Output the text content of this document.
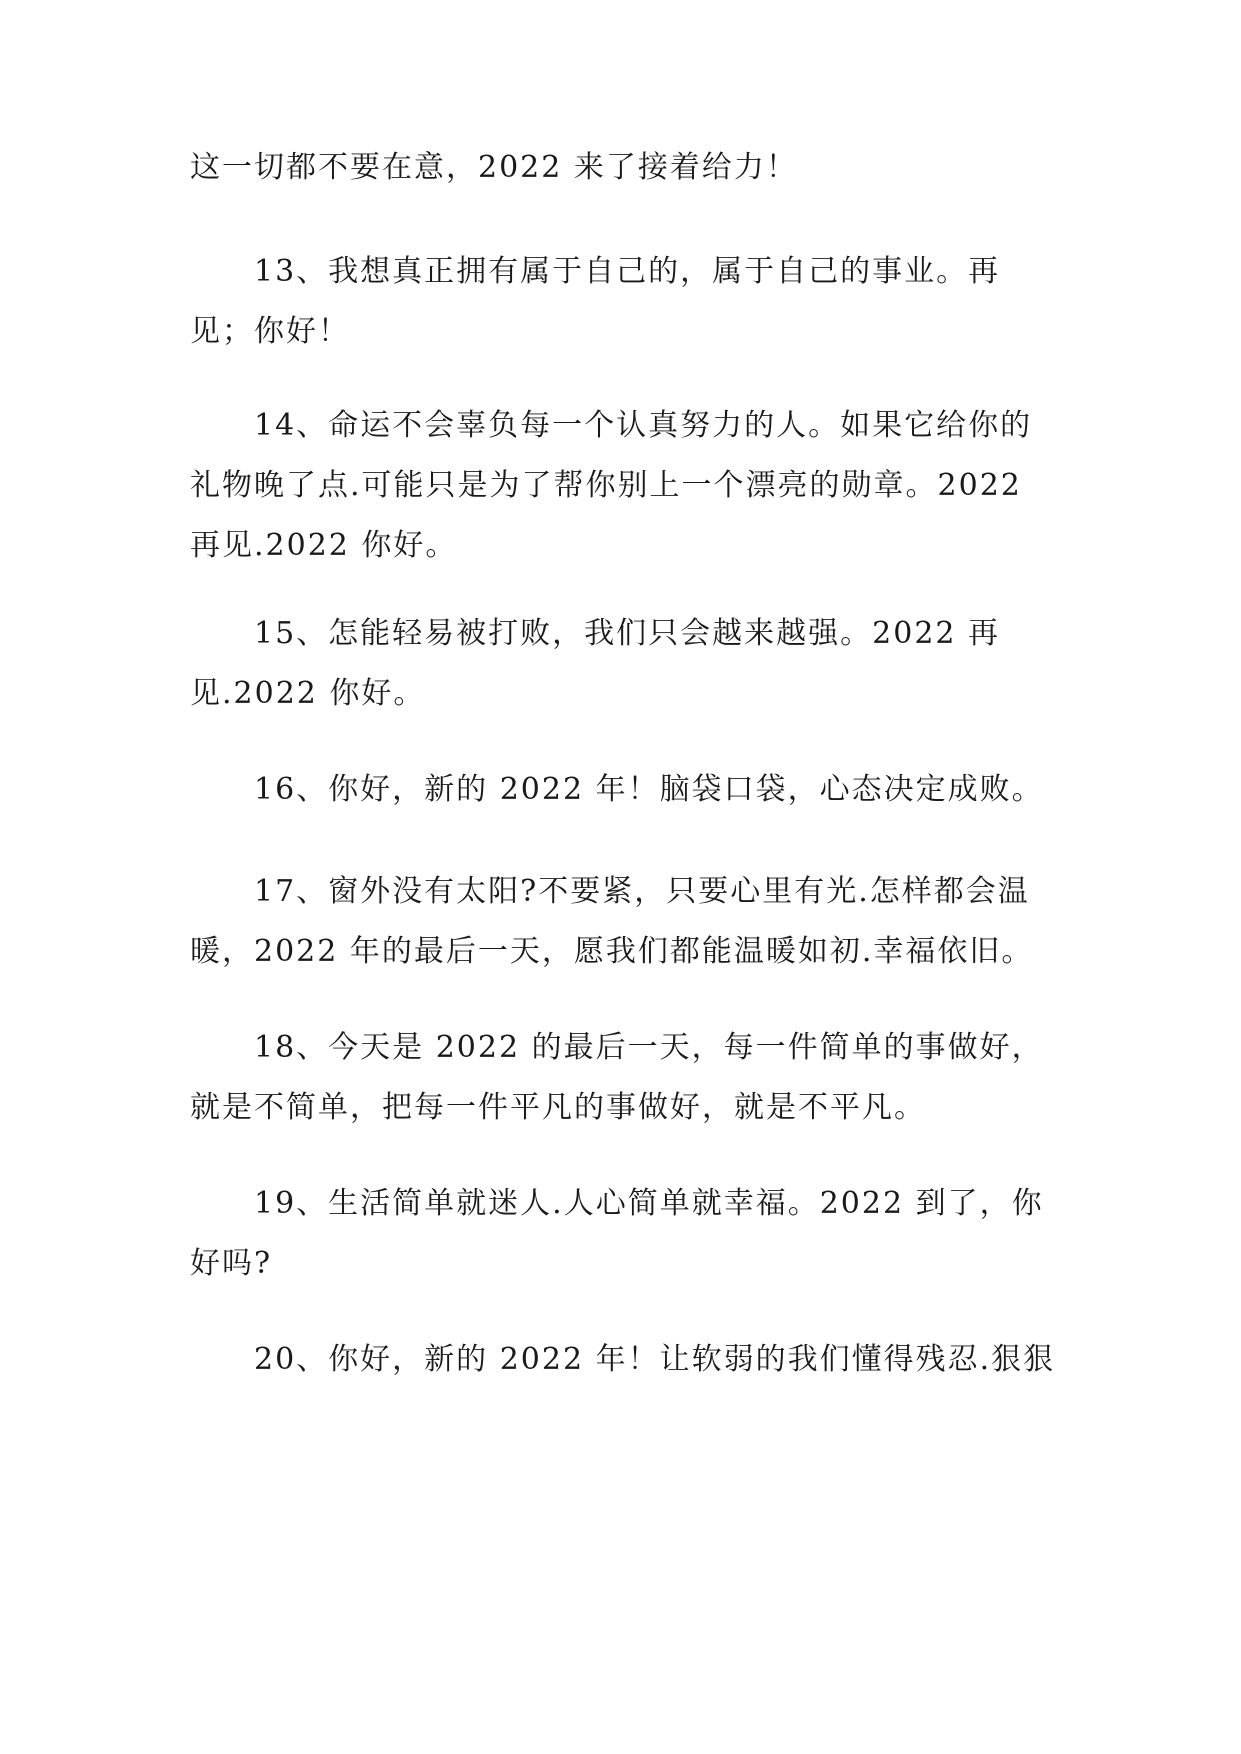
这一切都不要在意，2022 来了接着给力！

13、我想真正拥有属于自己的，属于自己的事业。再见；你好！

14、命运不会辜负每一个认真努力的人。如果它给你的礼物晚了点.可能只是为了帮你别上一个漂亮的勋章。2022 再见.2022 你好。

15、怎能轻易被打败，我们只会越来越强。2022 再见.2022 你好。

16、你好，新的 2022 年！脑袋口袋，心态决定成败。

17、窗外没有太阳?不要紧，只要心里有光.怎样都会温暖，2022 年的最后一天，愿我们都能温暖如初.幸福依旧。

18、今天是 2022 的最后一天，每一件简单的事做好，就是不简单，把每一件平凡的事做好，就是不平凡。

19、生活简单就迷人.人心简单就幸福。2022 到了，你好吗?

20、你好，新的 2022 年！让软弱的我们懂得残忍.狠狠
